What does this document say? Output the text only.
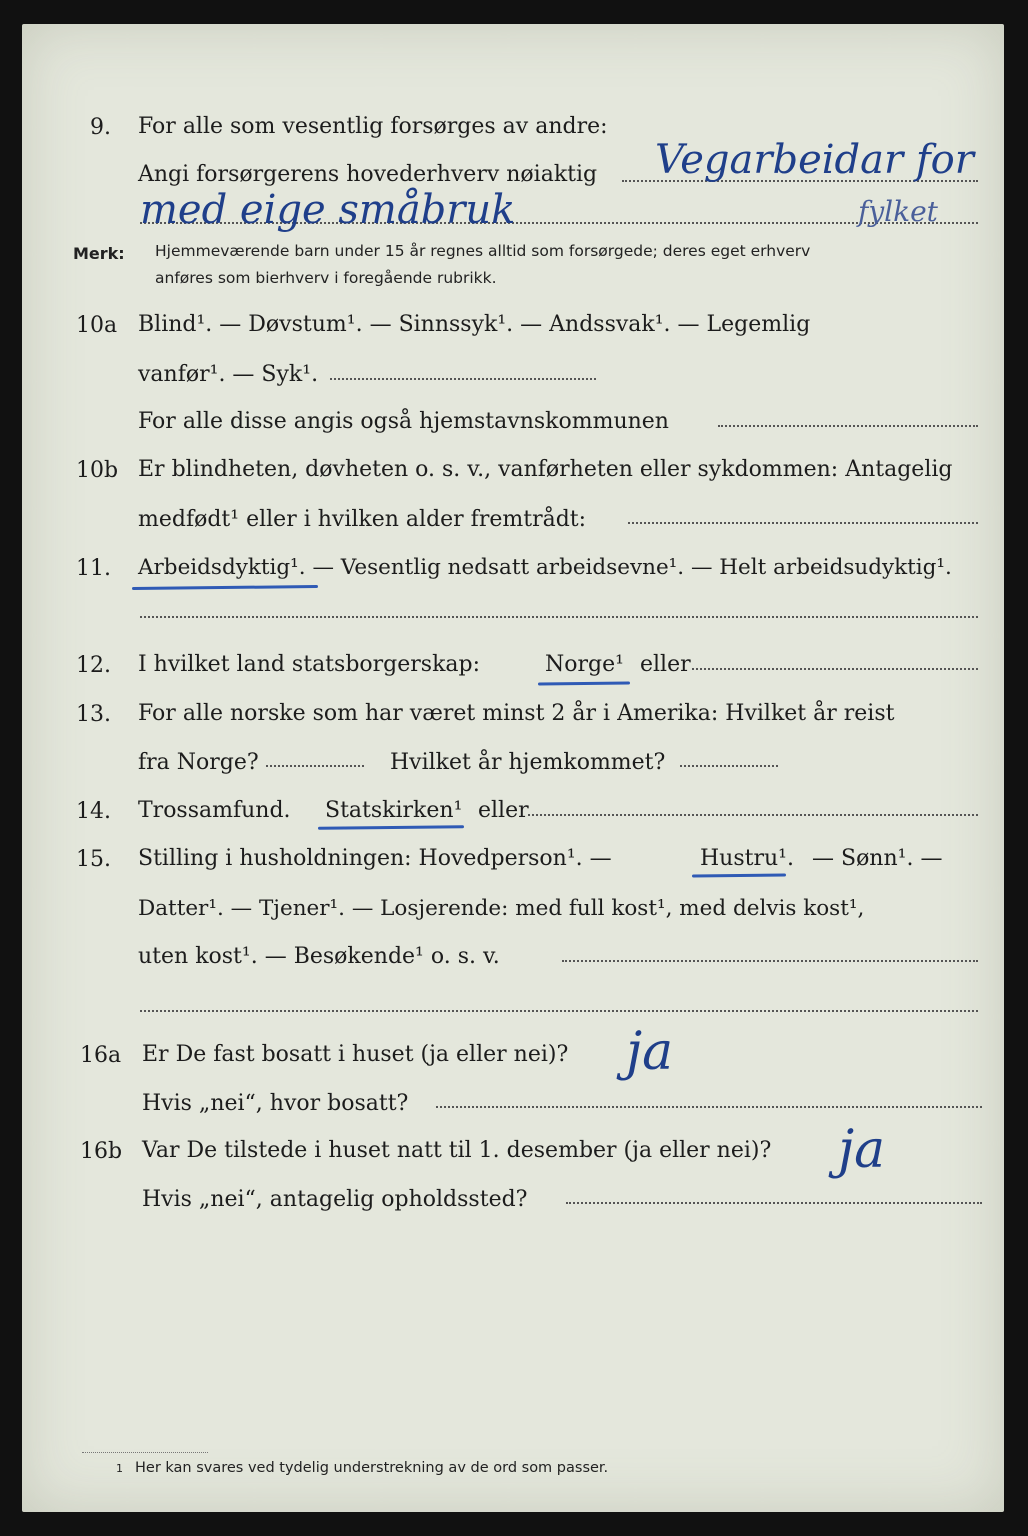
9. For alle som vesentlig forsørges av andre:
Angi forsørgerens hovederhverv nøiaktig Vegarbeidar for
med eige småbruk	fylket
Merk: Hjemmeværende barn under 15 år regnes alltid som forsørgede; deres eget erhverv
anføres som bierhverv i foregående rubrikk.
10a Blind¹. — Døvstum¹. — Sinnssyk¹. — Andssvak¹. — Legemlig
vanfør¹. — Syk¹.
For alle disse angis også hjemstavnskommunen
10b Er blindheten, døvheten o. s. v., vanførheten eller sykdommen: Antagelig
medfødt¹ eller i hvilken alder fremtrådt:
11. Arbeidsdyktig¹. — Vesentlig nedsatt arbeidsevne¹. — Helt arbeidsudyktig¹.
12. I hvilket land statsborgerskap:	Norge¹ eller
13. For alle norske som har været minst 2 år i Amerika: Hvilket år reist
fra Norge?	Hvilket år hjemkommet?
14. Trossamfund. Statskirken¹ eller
15. Stilling i husholdningen: Hovedperson¹. —	Hustru¹. — Sønn¹. —
Datter¹. — Tjener¹. — Losjerende: med full kost¹, med delvis kost¹,
uten kost¹. — Besøkende¹ o. s. v.
16a Er De fast bosatt i huset (ja eller nei)? ja
Hvis „nei“, hvor bosatt?
16b Var De tilstede i huset natt til 1. desember (ja eller nei)? ja
Hvis „nei“, antagelig opholdssted?
1 Her kan svares ved tydelig understrekning av de ord som passer.
